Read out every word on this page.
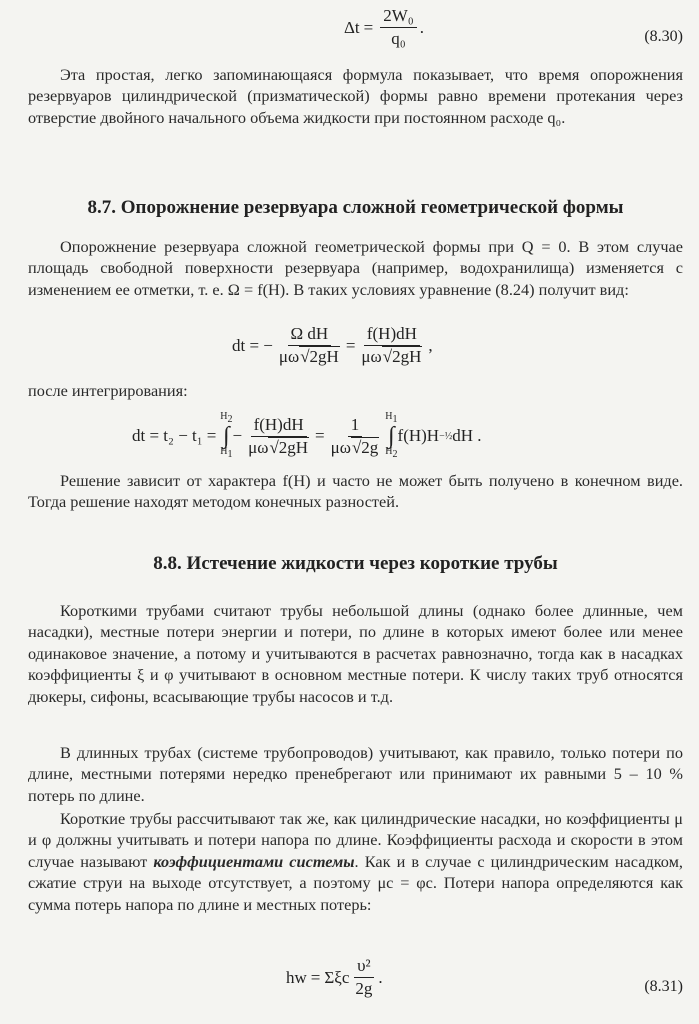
$\Delta t = \frac{\text{2W₀}}{\text{q₀}}$ .	(8.30)

Эта простая, легко запоминающаяся формула показывает, что время опорожнения резервуаров цилиндрической (призматической) формы равно времени протекания через отверстие двойного начального объема жидкости при постоянном расходе q₀.

8.7. Опорожнение резервуара сложной геометрической формы

Опорожнение резервуара сложной геометрической формы при Q = 0. В этом случае площадь свободной поверхности резервуара (например, водохранилища) изменяется с изменением ее отметки, т. е. Ω = f(H). В таких условиях уравнение (8.24) получит вид:

dt = − $\frac{\text{Ω dH}}{\mu\omega√2gH} = \frac{f(H)dH}{\mu\omega√2gH}$ ,

после интегрирования:

dt = t₂ − t₁ =
$H_2$
∫
$H_1$
− $\frac{f(H)dH}{\mu\omega√2gH} = \frac{1}{\mu\omega√2g} H_1$
∫
$H_2$
f(H)H −½ dH .

Решение зависит от характера f(H) и часто не может быть получено в конечном виде. Тогда решение находят методом конечных разностей.

8.8. Истечение жидкости через короткие трубы

Короткими трубами считают трубы небольшой длины (однако более длинные, чем насадки), местные потери энергии и потери, по длине в которых имеют более или менее одинаковое значение, а потому и учитываются в расчетах равнозначно, тогда как в насадках коэффициенты ξ и φ учитывают в основном местные потери. К числу таких труб относятся дюкеры, сифоны, всасывающие трубы насосов и т.д.

В длинных трубах (системе трубопроводов) учитывают, как правило, только потери по длине, местными потерями нередко пренебрегают или принимают их равными 5 – 10 % потерь по длине.

Короткие трубы рассчитывают так же, как цилиндрические насадки, но коэффициенты μ и φ должны учитывать и потери напора по длине. Коэффициенты расхода и скорости в этом случае называют коэффициентами системы. Как и в случае с цилиндрическим насадком, сжатие струи на выходе отсутствует, а поэтому μc = φc. Потери напора определяются как сумма потерь напора по длине и местных потерь:

hw = Σξc $\frac{\text{υ²}}{2g}$ .	(8.31)
